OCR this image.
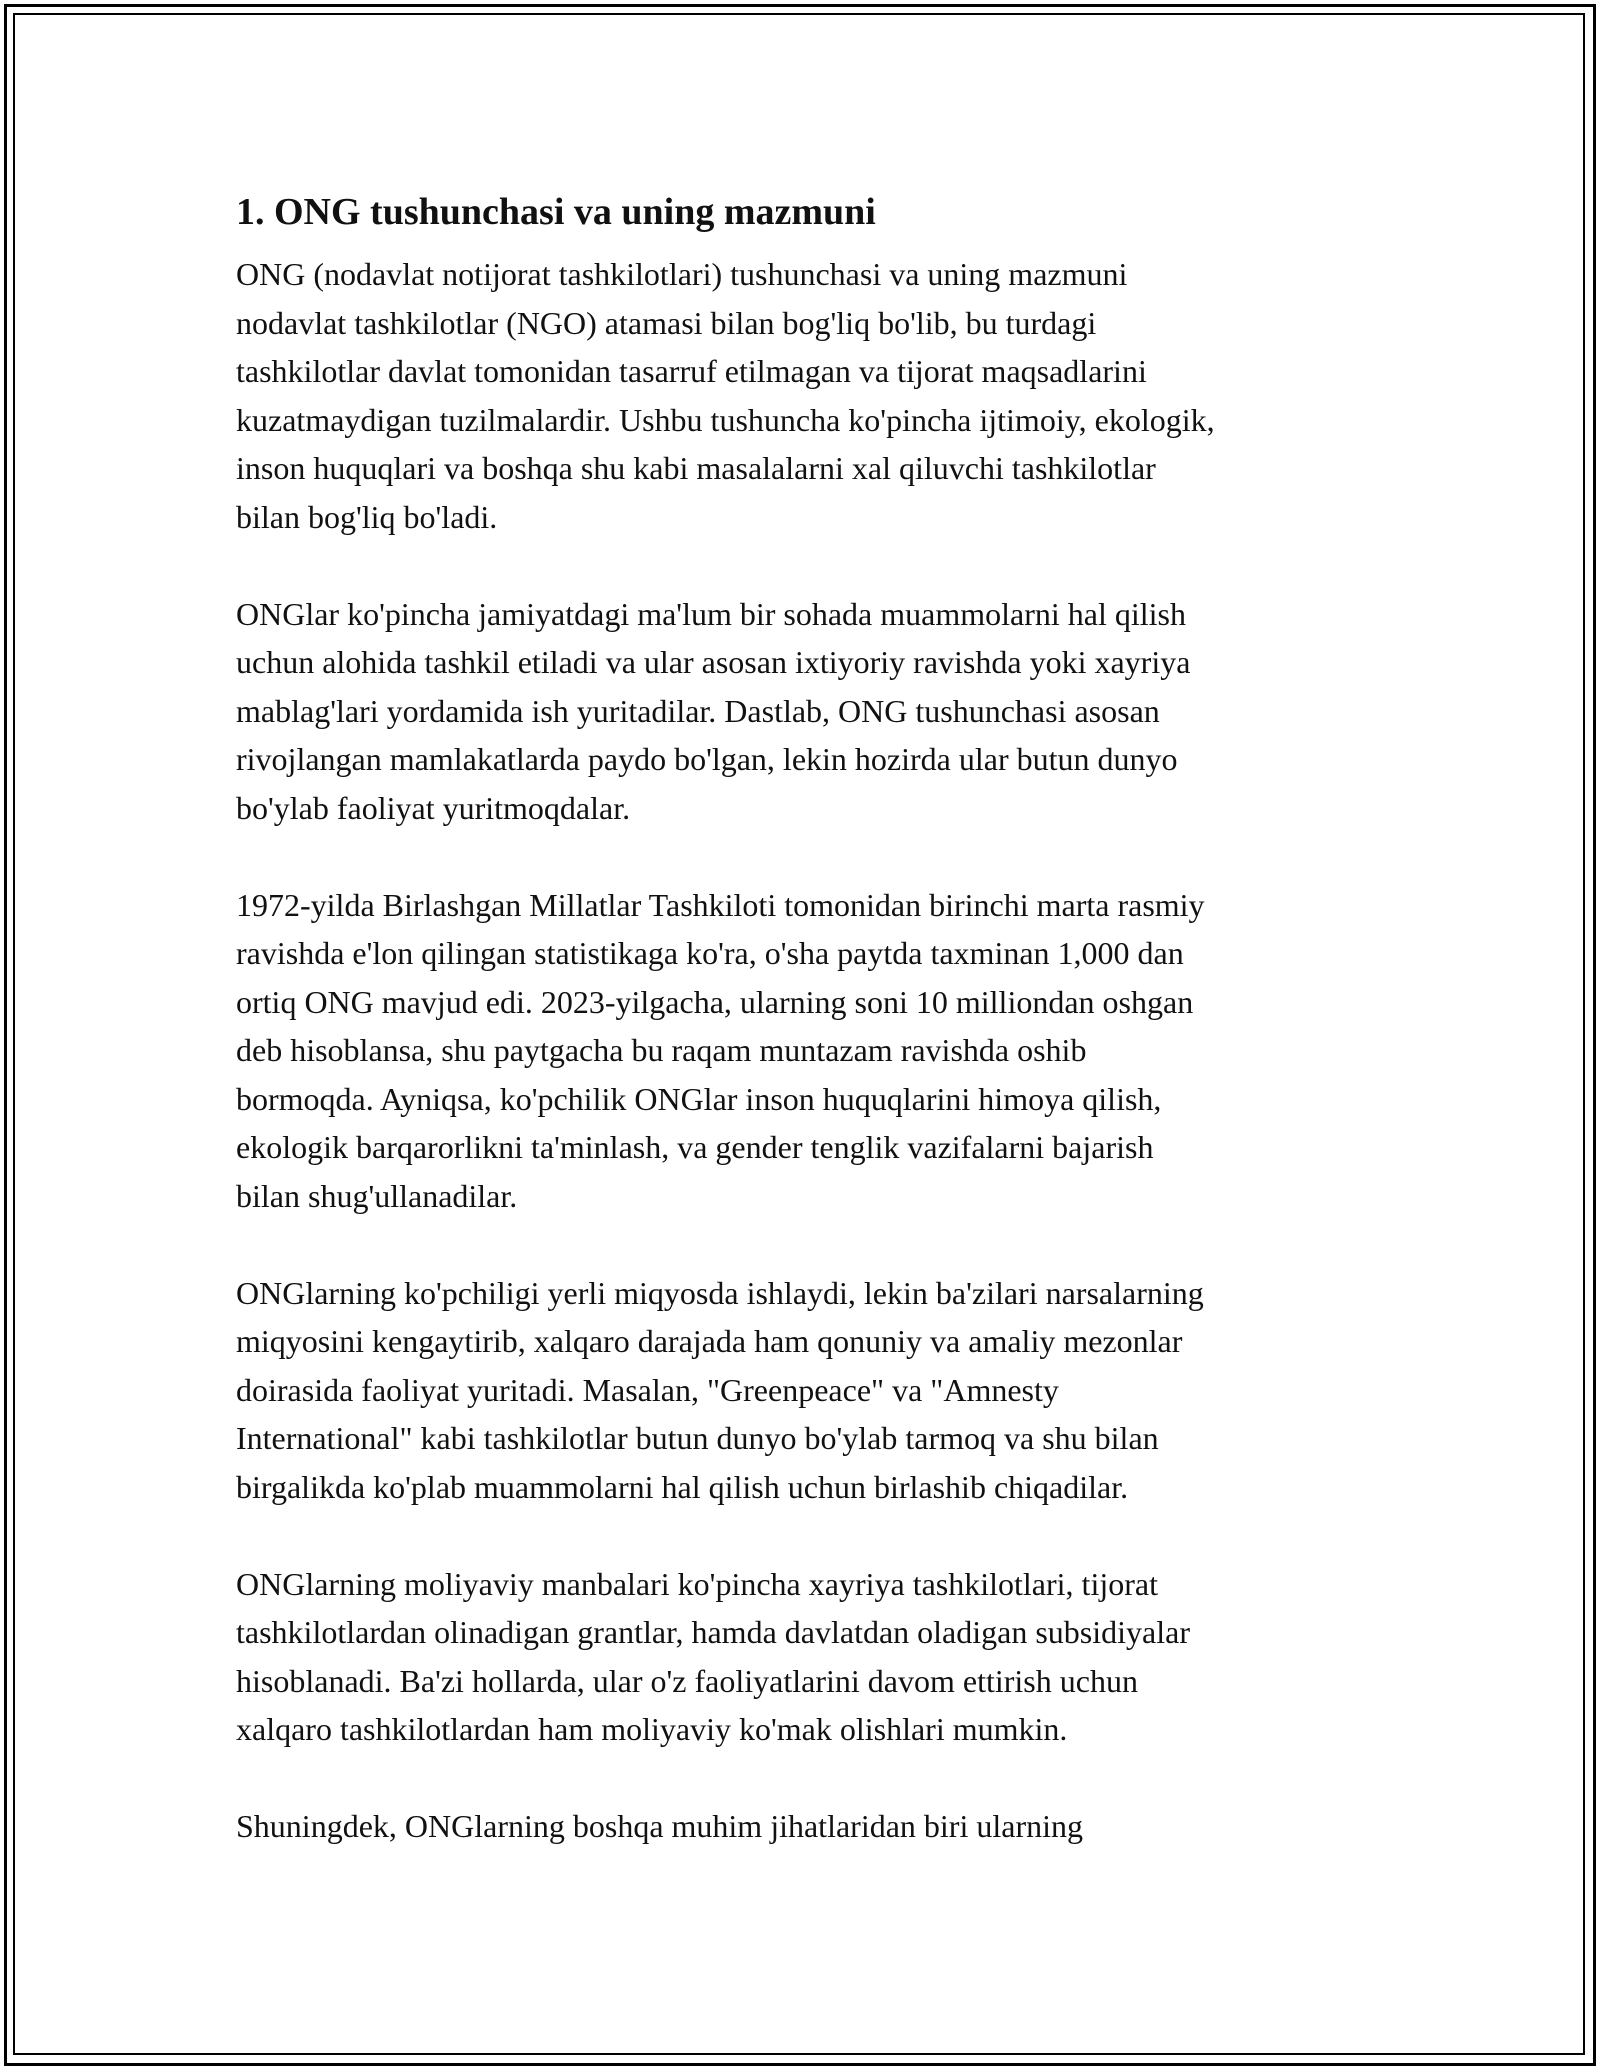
1. ONG tushunchasi va uning mazmuni

ONG (nodavlat notijorat tashkilotlari) tushunchasi va uning mazmuni
nodavlat tashkilotlar (NGO) atamasi bilan bog'liq bo'lib, bu turdagi
tashkilotlar davlat tomonidan tasarruf etilmagan va tijorat maqsadlarini
kuzatmaydigan tuzilmalardir. Ushbu tushuncha ko'pincha ijtimoiy, ekologik,
inson huquqlari va boshqa shu kabi masalalarni xal qiluvchi tashkilotlar
bilan bog'liq bo'ladi.

ONGlar ko'pincha jamiyatdagi ma'lum bir sohada muammolarni hal qilish
uchun alohida tashkil etiladi va ular asosan ixtiyoriy ravishda yoki xayriya
mablag'lari yordamida ish yuritadilar. Dastlab, ONG tushunchasi asosan
rivojlangan mamlakatlarda paydo bo'lgan, lekin hozirda ular butun dunyo
bo'ylab faoliyat yuritmoqdalar.

1972-yilda Birlashgan Millatlar Tashkiloti tomonidan birinchi marta rasmiy
ravishda e'lon qilingan statistikaga ko'ra, o'sha paytda taxminan 1,000 dan
ortiq ONG mavjud edi. 2023-yilgacha, ularning soni 10 milliondan oshgan
deb hisoblansa, shu paytgacha bu raqam muntazam ravishda oshib
bormoqda. Ayniqsa, ko'pchilik ONGlar inson huquqlarini himoya qilish,
ekologik barqarorlikni ta'minlash, va gender tenglik vazifalarni bajarish
bilan shug'ullanadilar.

ONGlarning ko'pchiligi yerli miqyosda ishlaydi, lekin ba'zilari narsalarning
miqyosini kengaytirib, xalqaro darajada ham qonuniy va amaliy mezonlar
doirasida faoliyat yuritadi. Masalan, "Greenpeace" va "Amnesty
International" kabi tashkilotlar butun dunyo bo'ylab tarmoq va shu bilan
birgalikda ko'plab muammolarni hal qilish uchun birlashib chiqadilar.

ONGlarning moliyaviy manbalari ko'pincha xayriya tashkilotlari, tijorat
tashkilotlardan olinadigan grantlar, hamda davlatdan oladigan subsidiyalar
hisoblanadi. Ba'zi hollarda, ular o'z faoliyatlarini davom ettirish uchun
xalqaro tashkilotlardan ham moliyaviy ko'mak olishlari mumkin.

Shuningdek, ONGlarning boshqa muhim jihatlaridan biri ularning
